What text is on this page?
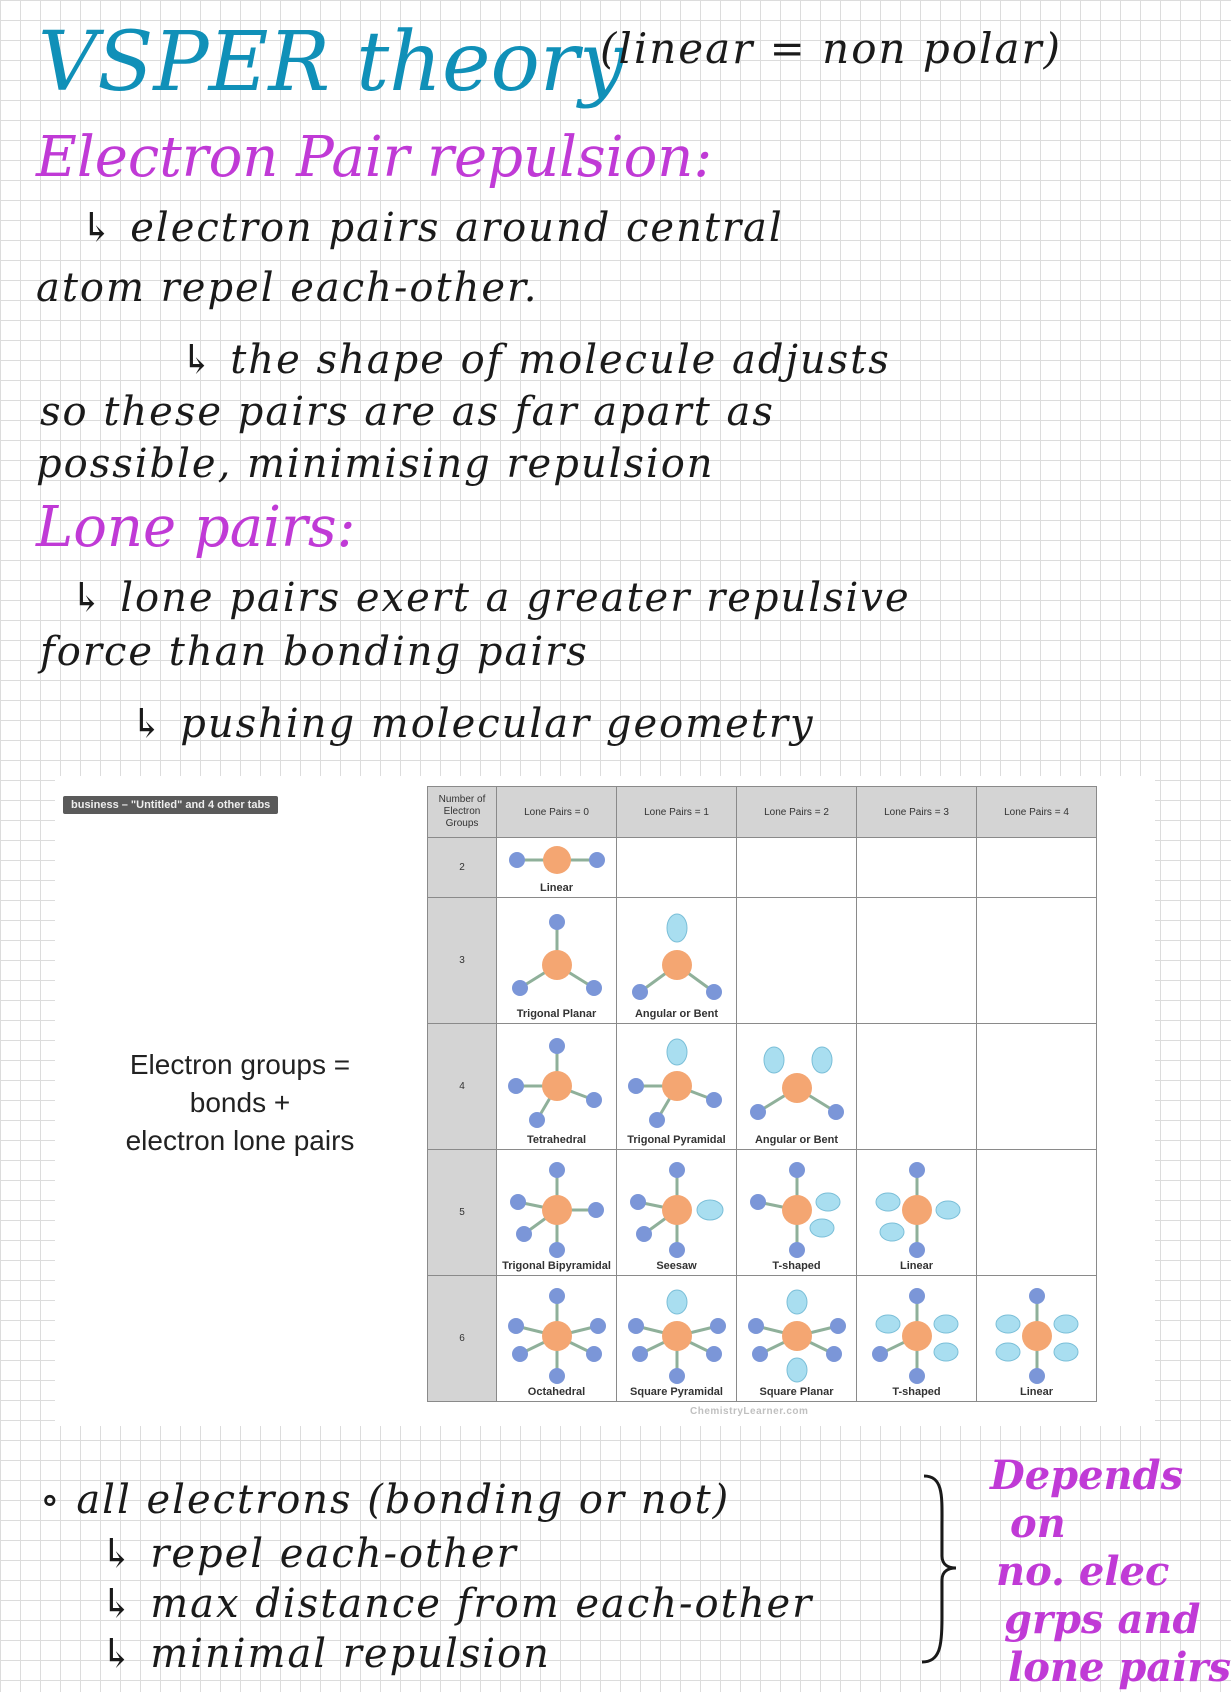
VSPER theory
(linear = non polar)
Electron Pair repulsion:
↳ electron pairs around central
atom repel each-other.
↳ the shape of molecule adjusts
so these pairs are as far apart as
possible, minimising repulsion
Lone pairs:
↳ lone pairs exert a greater repulsive
force than bonding pairs
↳ pushing molecular geometry
business – "Untitled" and 4 other tabs
Electron groups =
bonds +
electron lone pairs
Number of Electron Groups	Lone Pairs = 0	Lone Pairs = 1	Lone Pairs = 2	Lone Pairs = 3	Lone Pairs = 4
2	Linear				

3	Trigonal Planar	Angular or Bent			

4	Tetrahedral	Trigonal Pyramidal	Angular or Bent		

5	Trigonal Bipyramidal	Seesaw	T-shaped	Linear	

6	Octahedral	Square Pyramidal	Square Planar	T-shaped	Linear
ChemistryLearner.com
∘ all electrons (bonding or not)
↳ repel each-other
↳ max distance from each-other
↳ minimal repulsion
Depends
on
no. elec
grps and
lone pairs
